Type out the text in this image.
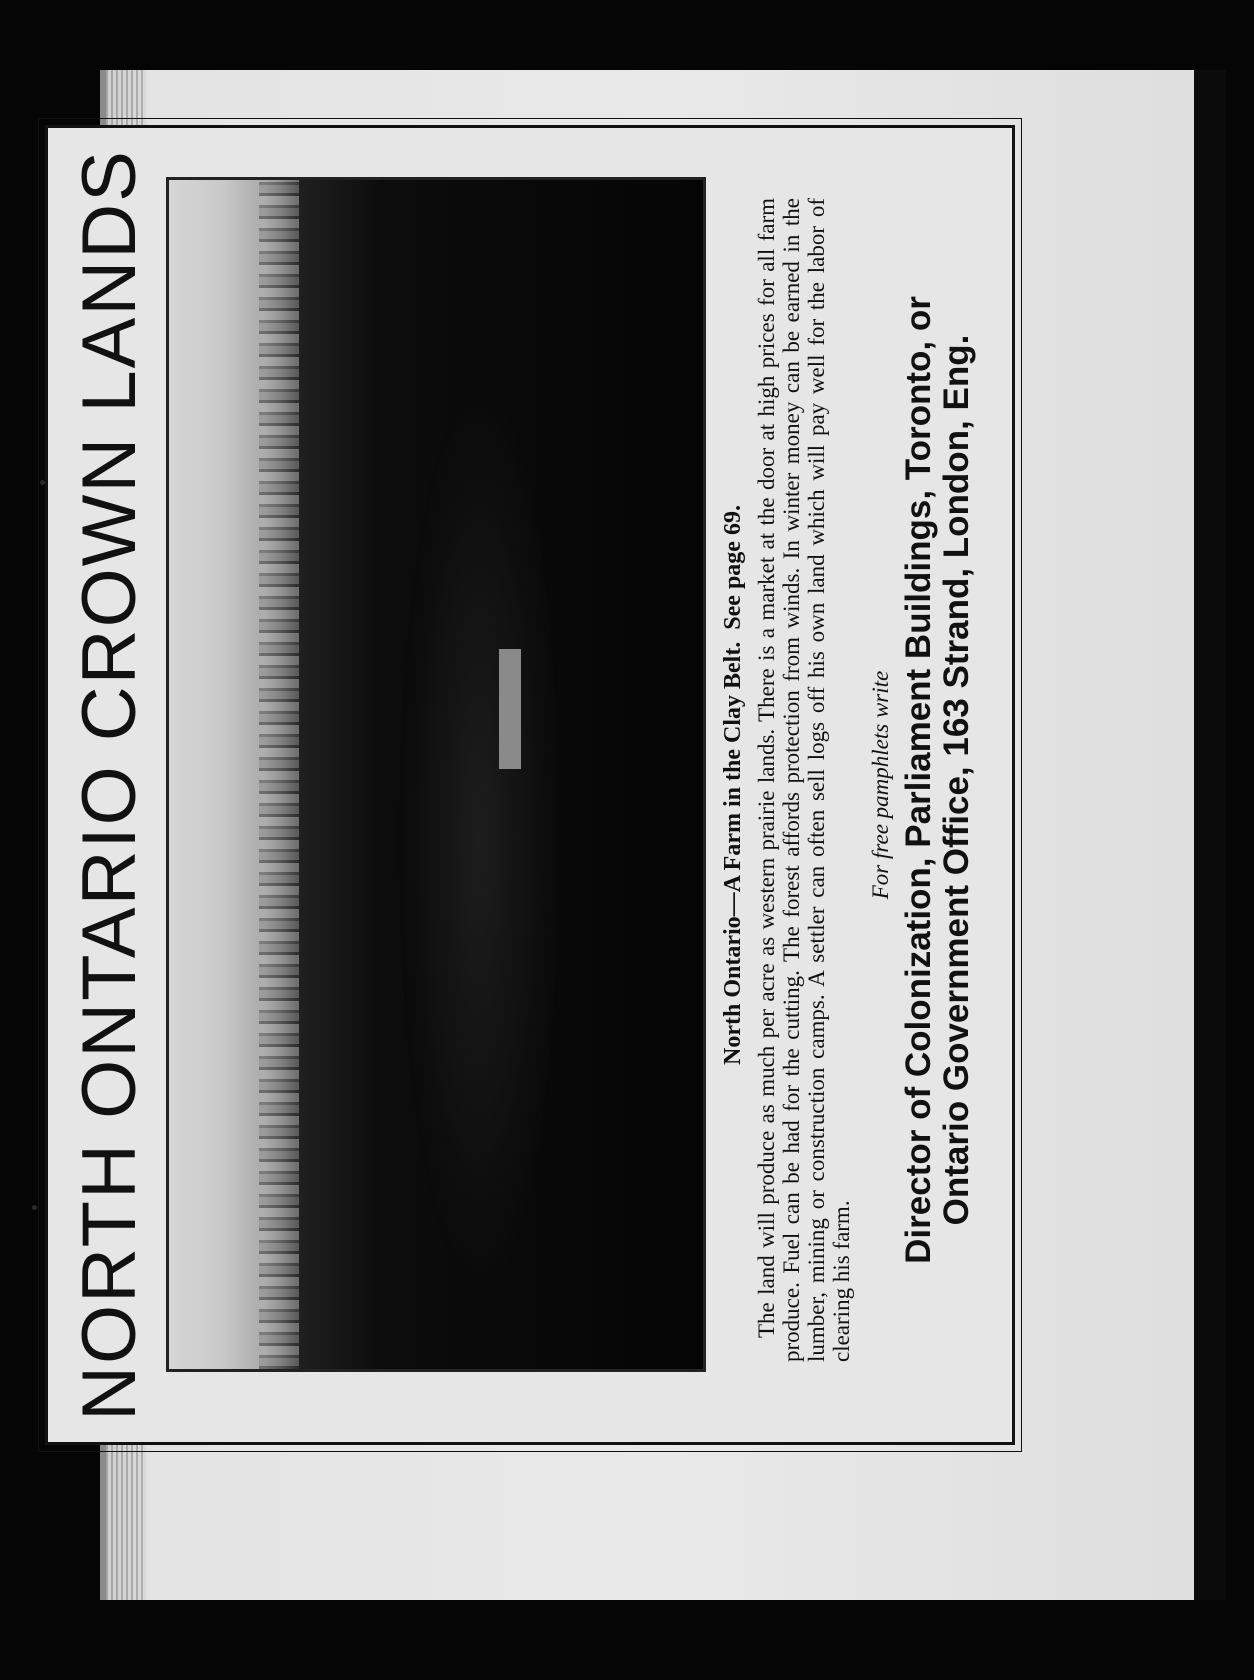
NORTH ONTARIO CROWN LANDS	North Ontario—A Farm in the Clay Belt.  See page 69. The land will produce as much per acre as western prairie lands. There is a market at the door at high prices for all farm produce. Fuel can be had for the cutting. The forest affords protection from winds. In winter money can be earned in the lumber, mining or construction camps. A settler can often sell logs off his own land which will pay well for the labor of clearing his farm.

For free pamphlets write Director of Colonization, Parliament Buildings, Toronto, or Ontario Government Office, 163 Strand, London, Eng.
